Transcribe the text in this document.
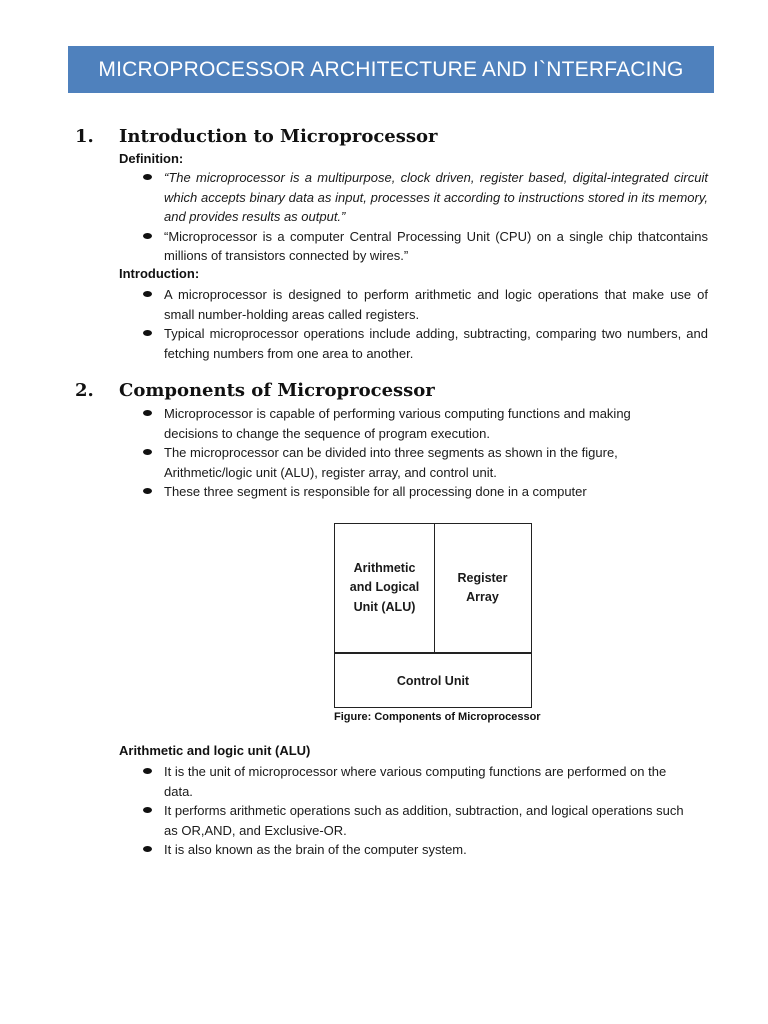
MICROPROCESSOR ARCHITECTURE AND I`NTERFACING
1.	Introduction to Microprocessor
Definition:
“The microprocessor is a multipurpose, clock driven, register based, digital-integrated circuit which accepts binary data as input, processes it according to instructions stored in its memory, and provides results as output.”
“Microprocessor is a computer Central Processing Unit (CPU) on a single chip thatcontains millions of transistors connected by wires.”
Introduction:
A microprocessor is designed to perform arithmetic and logic operations that make use of small number-holding areas called registers.
Typical microprocessor operations include adding, subtracting, comparing two numbers, and fetching numbers from one area to another.
2.	Components of Microprocessor
Microprocessor is capable of performing various computing functions and making decisions to change the sequence of program execution.
The microprocessor can be divided into three segments as shown in the figure, Arithmetic/logic unit (ALU), register array, and control unit.
These three segment is responsible for all processing done in a computer
Arithmetic and Logical Unit (ALU)
Register Array
Control Unit
Figure: Components of Microprocessor
Arithmetic and logic unit (ALU)
It is the unit of microprocessor where various computing functions are performed on the data.
It performs arithmetic operations such as addition, subtraction, and logical operations such as OR,AND, and Exclusive-OR.
It is also known as the brain of the computer system.
